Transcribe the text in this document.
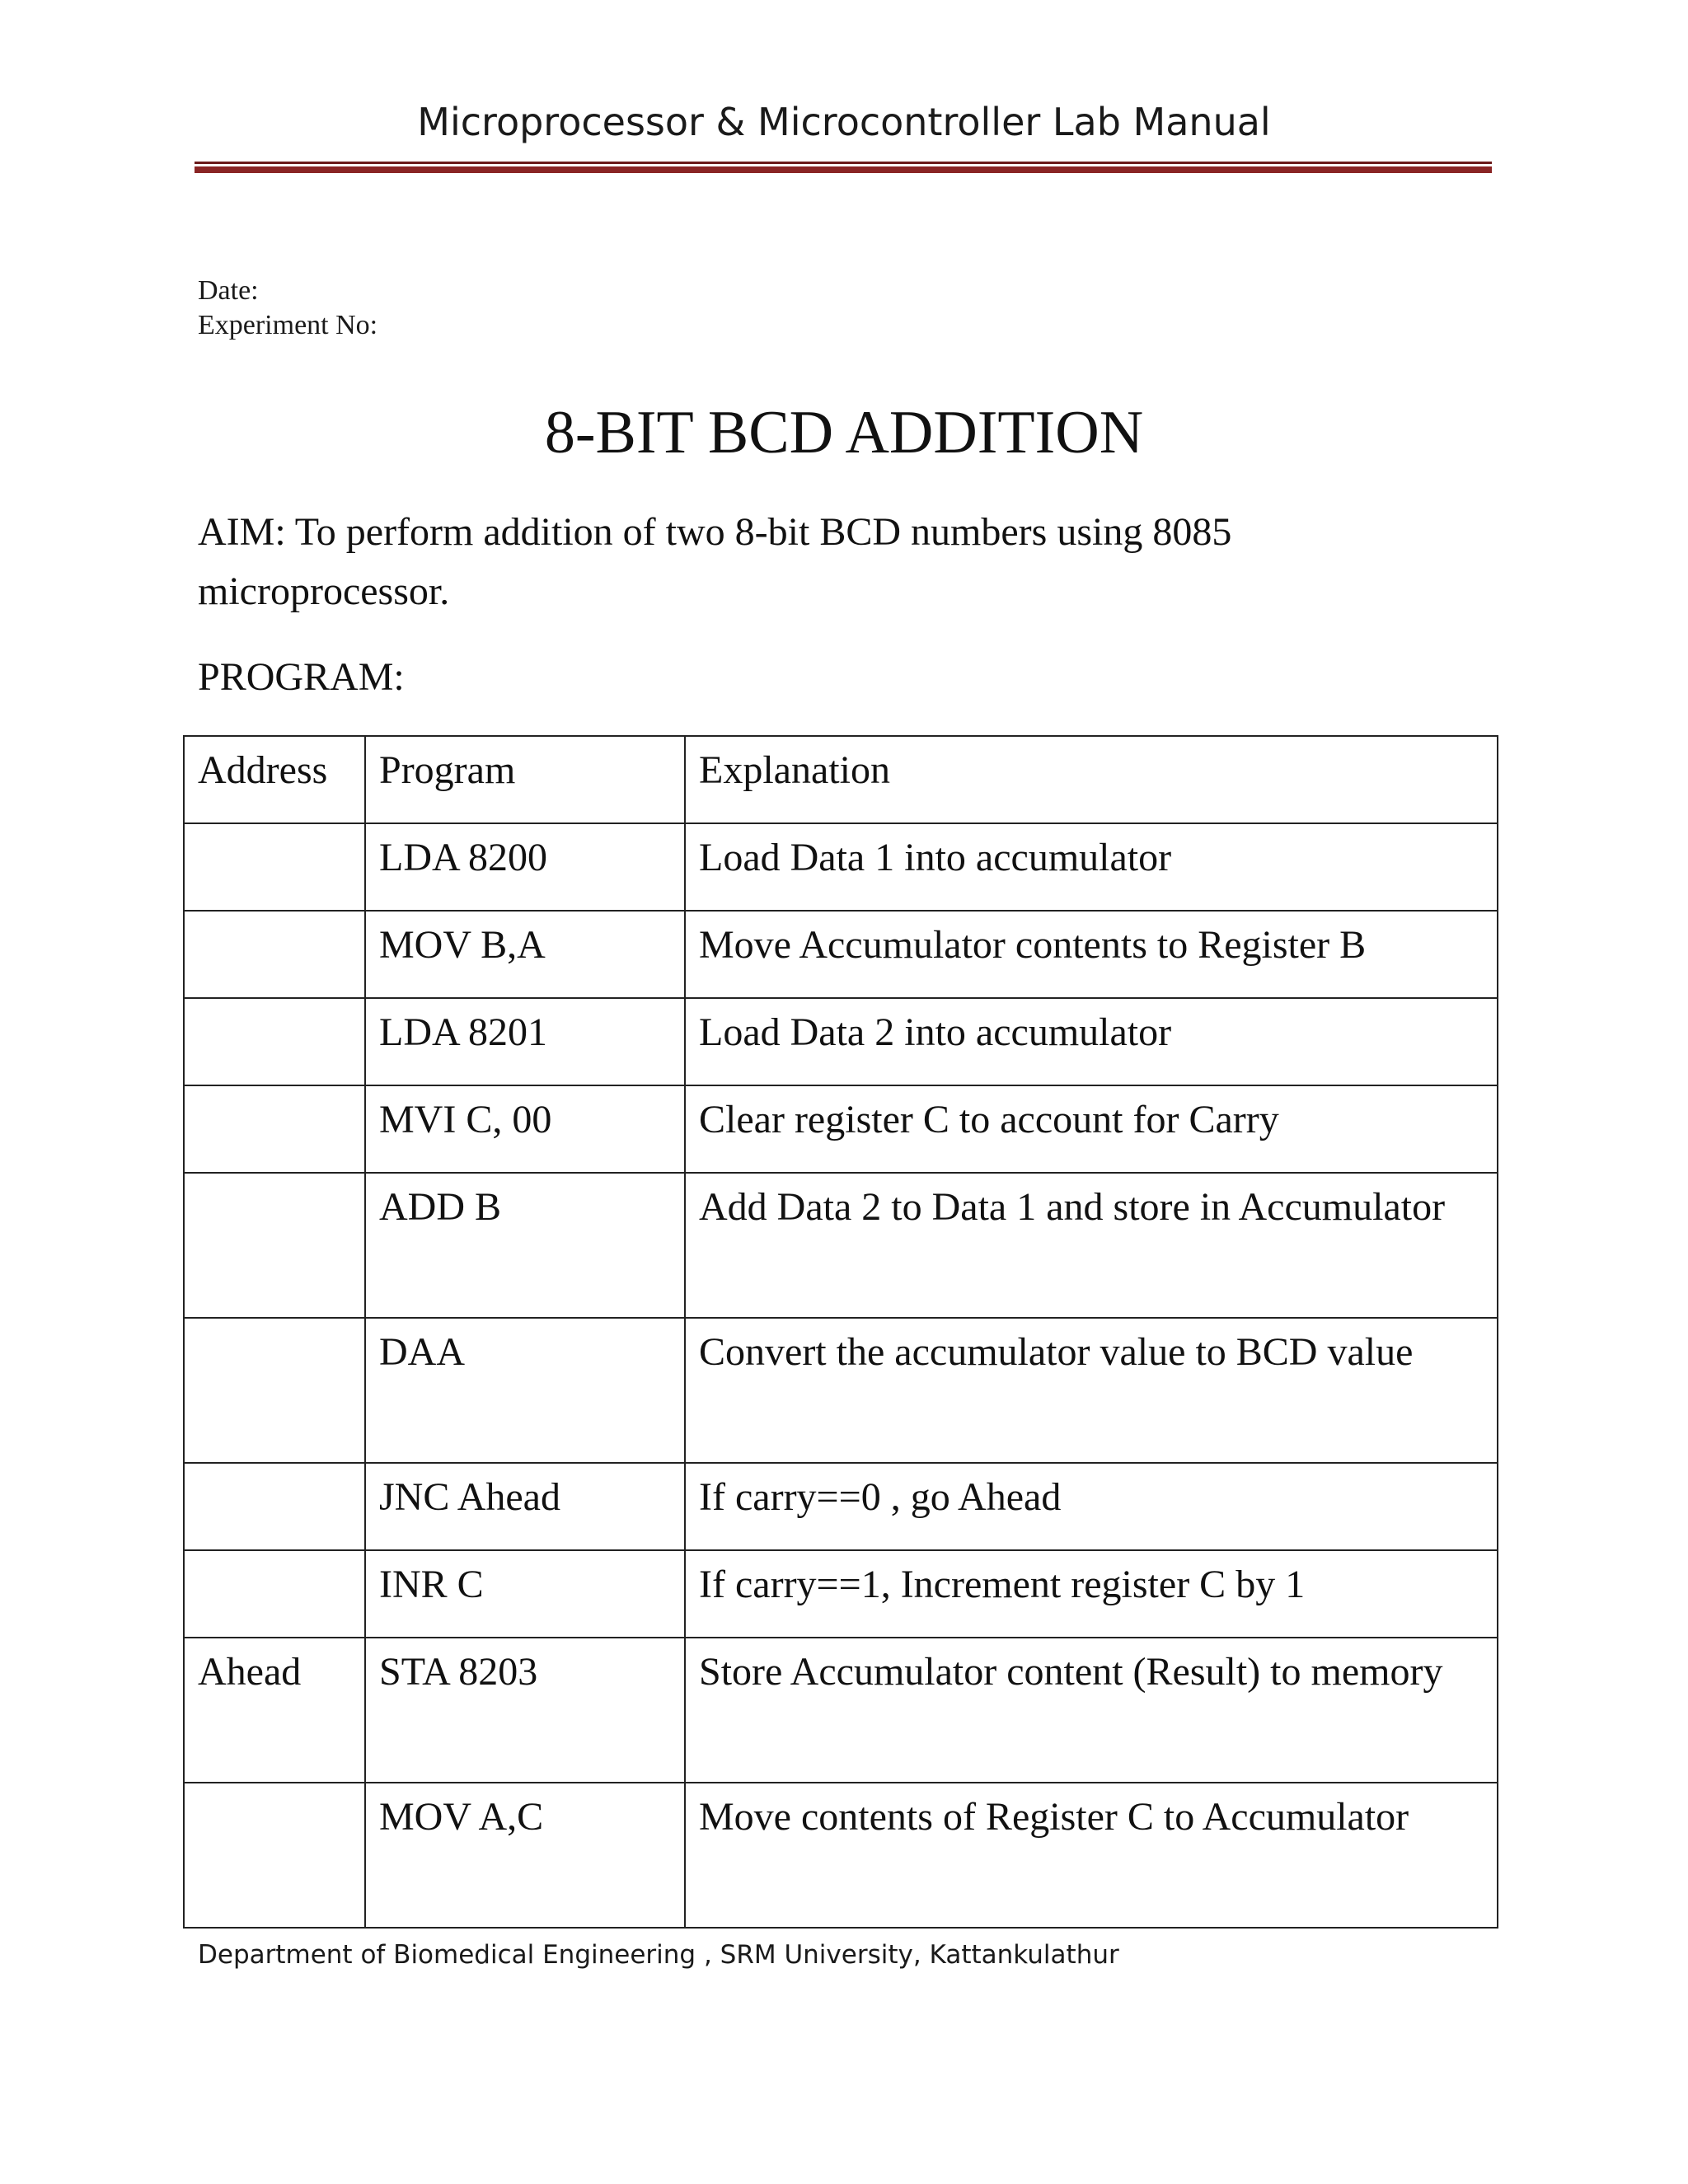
Microprocessor & Microcontroller Lab Manual
Date:
Experiment No:
8-BIT BCD ADDITION
AIM: To perform addition of two 8-bit BCD numbers using 8085 microprocessor.
PROGRAM:
Address	Program	Explanation
	LDA 8200	Load Data 1 into accumulator
	MOV B,A	Move Accumulator contents to Register B
	LDA 8201	Load Data 2 into accumulator
	MVI C, 00	Clear register C to account for Carry
	ADD B	Add Data 2 to Data 1 and store in Accumulator
	DAA	Convert the accumulator value to BCD value
	JNC Ahead	If carry==0 , go Ahead
	INR C	If carry==1, Increment register C by 1
Ahead	STA 8203	Store Accumulator content (Result) to memory
	MOV A,C	Move contents of Register C to Accumulator
Department of Biomedical Engineering , SRM University, Kattankulathur
